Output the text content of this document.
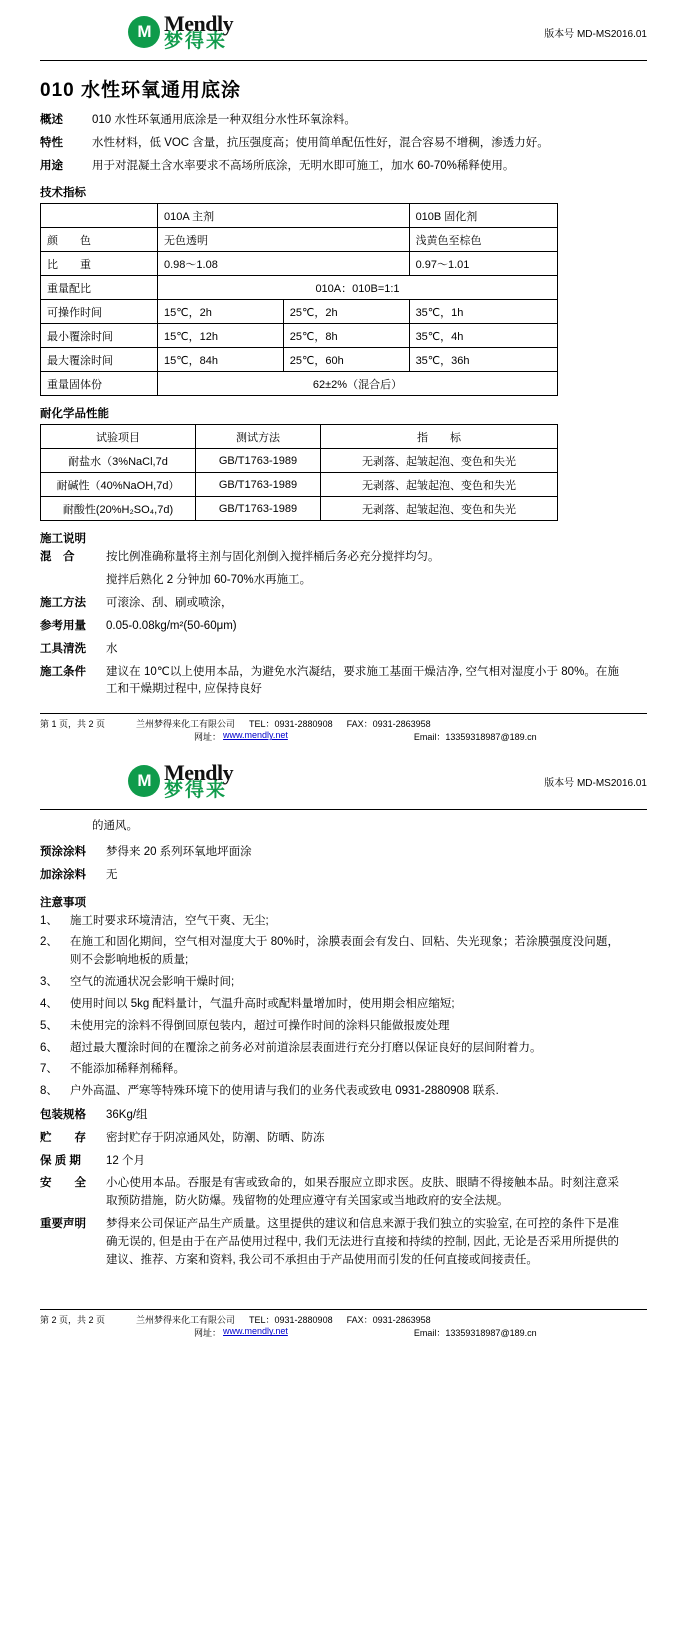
M Mendly
梦得来	版本号 MD-MS2016.01
010 水性环氧通用底涂
概述	010 水性环氧通用底涂是一种双组分水性环氧涂料。
特性	水性材料，低 VOC 含量，抗压强度高；使用简单配伍性好，混合容易不增稠，渗透力好。
用途	用于对混凝土含水率要求不高场所底涂，无明水即可施工，加水 60-70%稀释使用。
技术指标
	010A 主剂		010B 固化剂
颜　　色	无色透明		浅黄色至棕色
比　　重	0.98～1.08		0.97～1.01
重量配比	010A：010B=1:1		
可操作时间	15℃，2h	25℃，2h	35℃，1h
最小覆涂时间	15℃，12h	25℃，8h	35℃，4h
最大覆涂时间	15℃，84h	25℃，60h	35℃，36h
重量固体份	62±2%（混合后）		
耐化学品性能
试验项目	测试方法	指　　标
耐盐水（3%NaCl,7d	GB/T1763-1989	无剥落、起皱起泡、变色和失光
耐碱性（40%NaOH,7d）	GB/T1763-1989	无剥落、起皱起泡、变色和失光
耐酸性(20%H₂SO₄,7d)	GB/T1763-1989	无剥落、起皱起泡、变色和失光
施工说明
混　合	按比例准确称量将主剂与固化剂倒入搅拌桶后务必充分搅拌均匀。
搅拌后熟化 2 分钟加 60-70%水再施工。
施工方法	可滚涂、刮、刷或喷涂，
参考用量	0.05-0.08kg/m²(50-60μm)
工具清洗	水
施工条件	建议在 10℃以上使用本品，为避免水汽凝结，要求施工基面干燥洁净, 空气相对湿度小于 80%。在施工和干燥期过程中, 应保持良好
第 1 页，共 2 页	兰州梦得来化工有限公司 TEL：0931-2880908 FAX：0931-2863958

网址： www.mendly.net	Email：13359318987@189.cn
M Mendly
梦得来	版本号 MD-MS2016.01
的通风。
预涂涂料	梦得来 20 系列环氧地坪面涂
加涂涂料	无
注意事项
1、	施工时要求环境清洁，空气干爽、无尘;
2、	在施工和固化期间，空气相对湿度大于 80%时，涂膜表面会有发白、回粘、失光现象；若涂膜强度没问题，则不会影响地板的质量;
3、	空气的流通状况会影响干燥时间;
4、	使用时间以 5kg 配料量计，气温升高时或配料量增加时，使用期会相应缩短;
5、	未使用完的涂料不得倒回原包装内，超过可操作时间的涂料只能做报废处理
6、	超过最大覆涂时间的在覆涂之前务必对前道涂层表面进行充分打磨以保证良好的层间附着力。
7、	不能添加稀释剂稀释。
8、	户外高温、严寒等特殊环境下的使用请与我们的业务代表或致电 0931-2880908 联系.
包装规格	36Kg/组
贮　　存	密封贮存于阴凉通风处，防潮、防晒、防冻
保 质 期	12 个月
安　　全	小心使用本品。吞服是有害或致命的，如果吞服应立即求医。皮肤、眼睛不得接触本品。时刻注意采取预防措施，防火防爆。残留物的处理应遵守有关国家或当地政府的安全法规。
重要声明	梦得来公司保证产品生产质量。这里提供的建议和信息来源于我们独立的实验室, 在可控的条件下是准确无误的, 但是由于在产品使用过程中, 我们无法进行直接和持续的控制, 因此, 无论是否采用所提供的建议、推荐、方案和资料, 我公司不承担由于产品使用而引发的任何直接或间接责任。
第 2 页，共 2 页	兰州梦得来化工有限公司 TEL：0931-2880908 FAX：0931-2863958

网址： www.mendly.net	Email：13359318987@189.cn
